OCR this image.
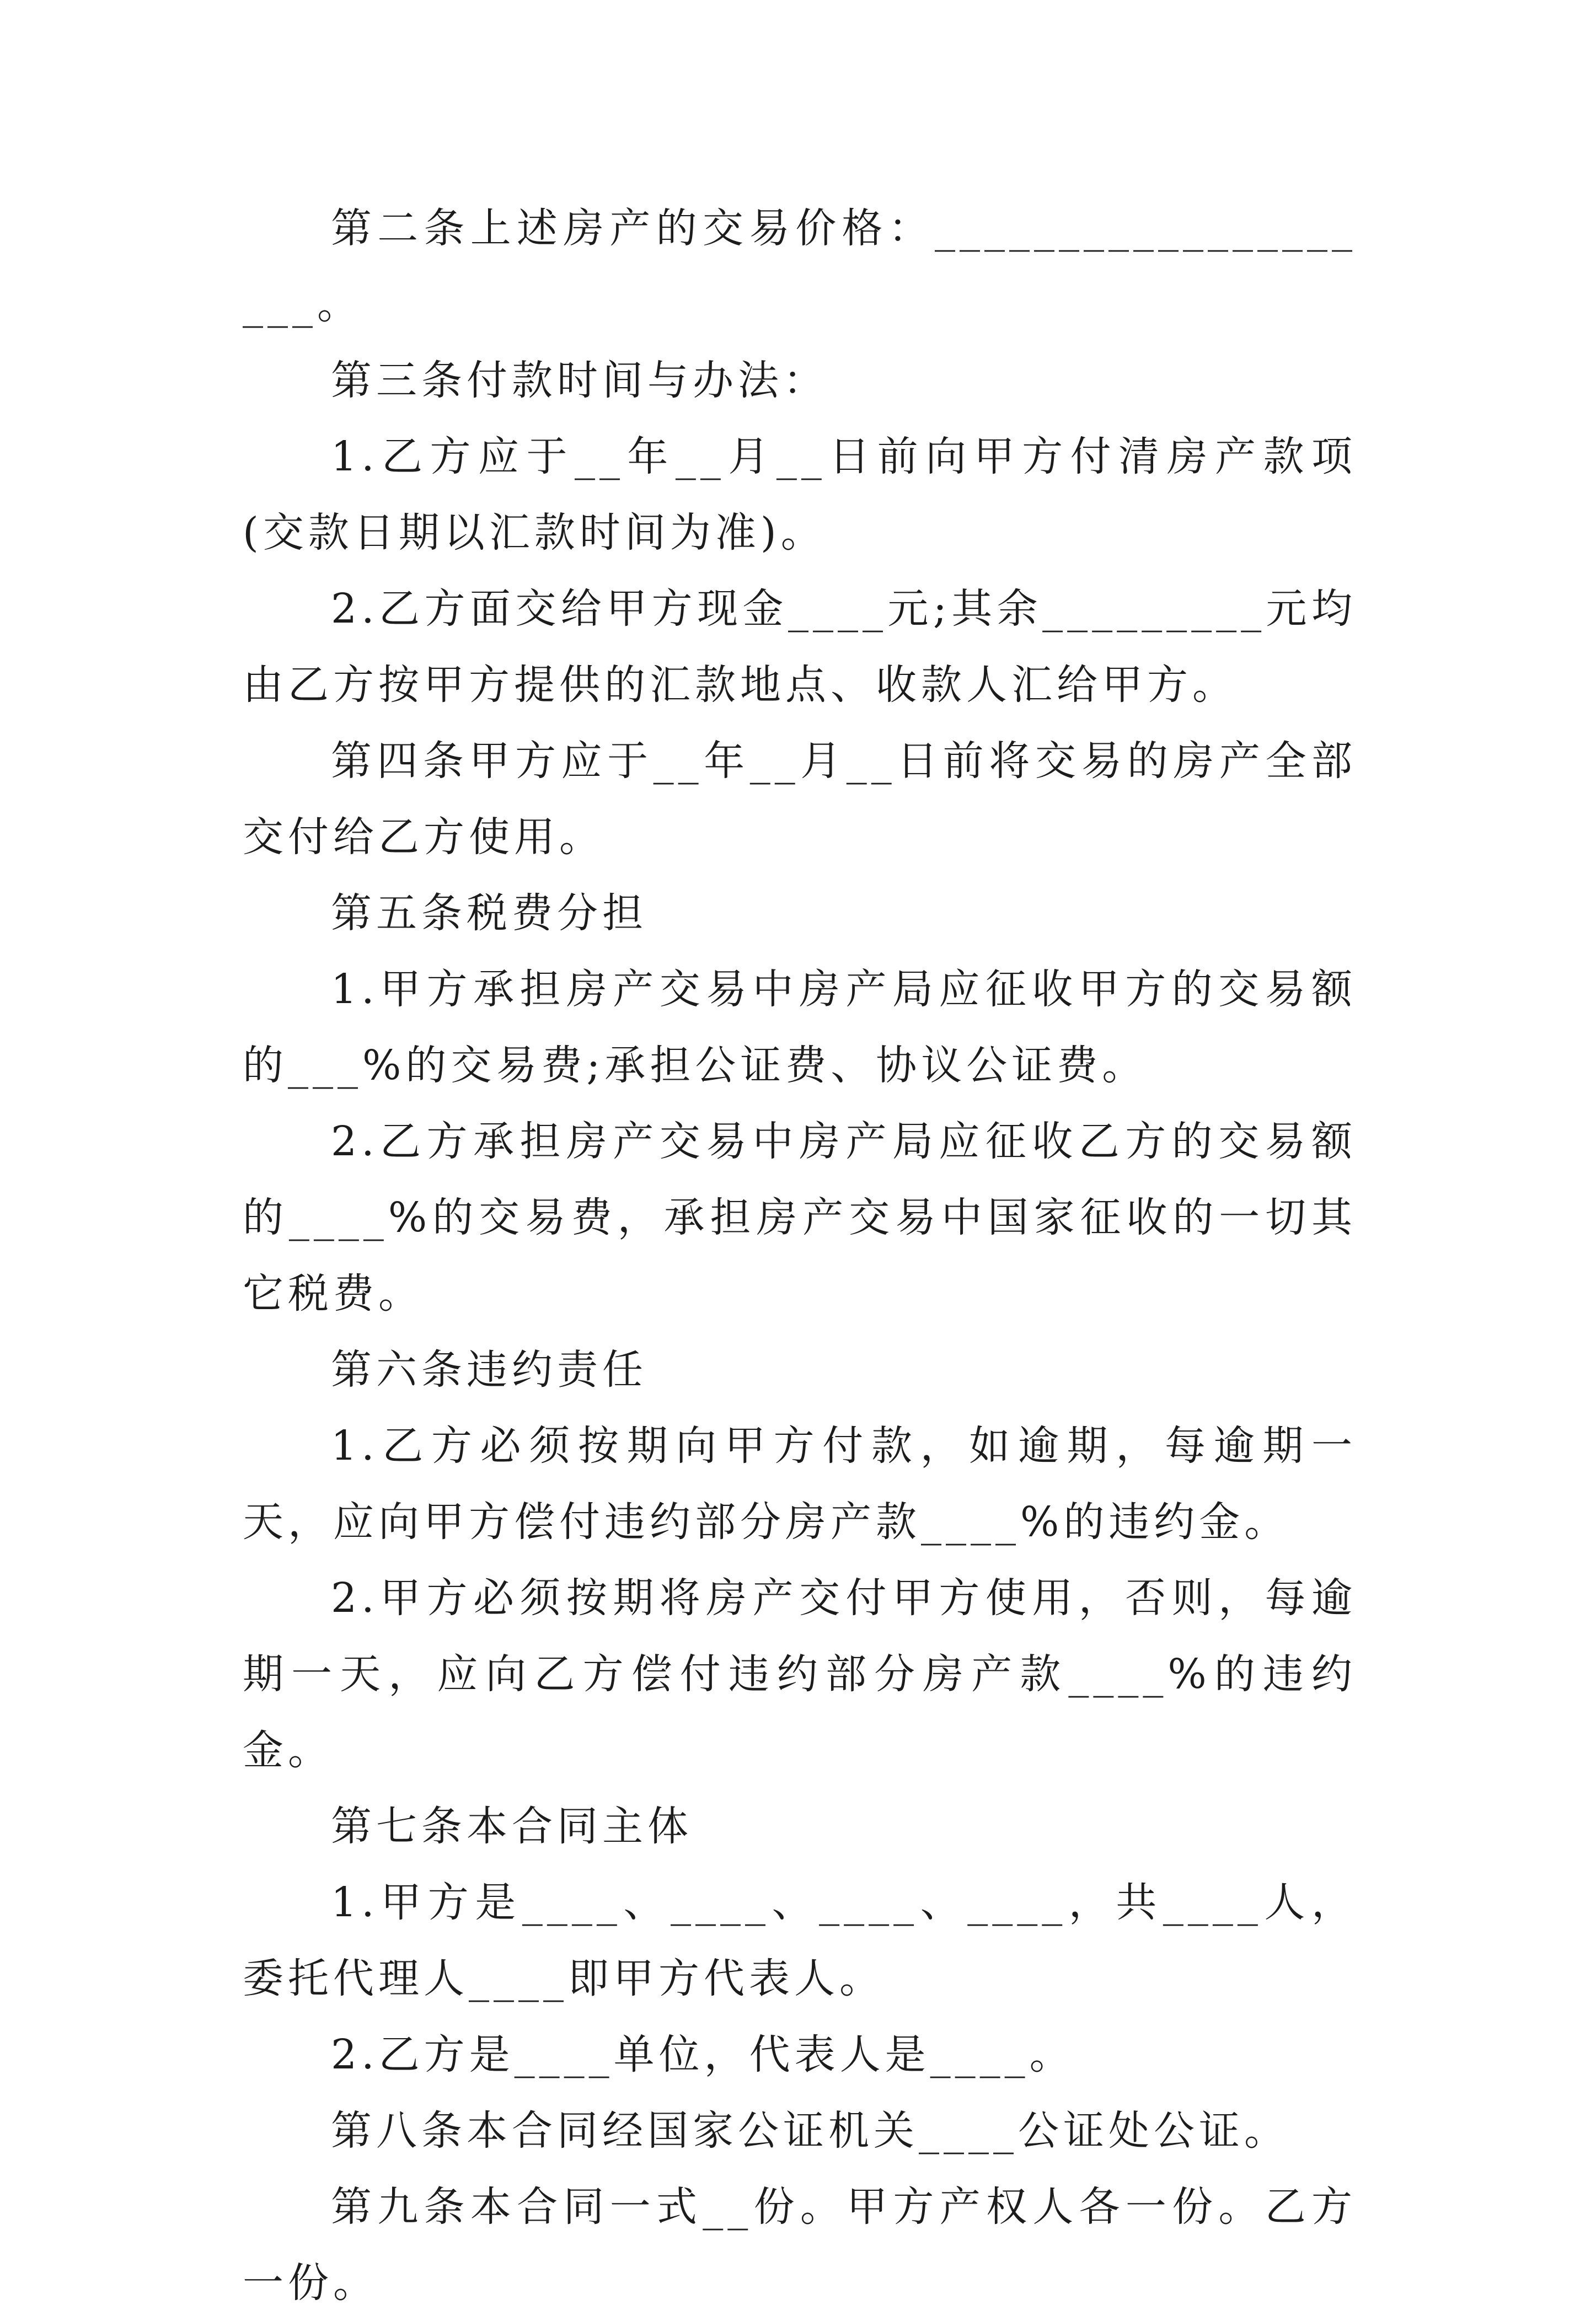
第二条上述房产的交易价格：____________________。

第三条付款时间与办法：

1.乙方应于__年__月__日前向甲方付清房产款项(交款日期以汇款时间为准)。

2.乙方面交给甲方现金____元;其余_________元均由乙方按甲方提供的汇款地点、收款人汇给甲方。

第四条甲方应于__年__月__日前将交易的房产全部交付给乙方使用。

第五条税费分担

1.甲方承担房产交易中房产局应征收甲方的交易额的___%的交易费;承担公证费、协议公证费。

2.乙方承担房产交易中房产局应征收乙方的交易额的____%的交易费，承担房产交易中国家征收的一切其它税费。

第六条违约责任

1.乙方必须按期向甲方付款，如逾期，每逾期一天，应向甲方偿付违约部分房产款____%的违约金。

2.甲方必须按期将房产交付甲方使用，否则，每逾期一天，应向乙方偿付违约部分房产款____%的违约金。

第七条本合同主体

1.甲方是____、____、____、____，共____人，委托代理人____即甲方代表人。

2.乙方是____单位，代表人是____。

第八条本合同经国家公证机关____公证处公证。

第九条本合同一式__份。甲方产权人各一份。乙方一份。
